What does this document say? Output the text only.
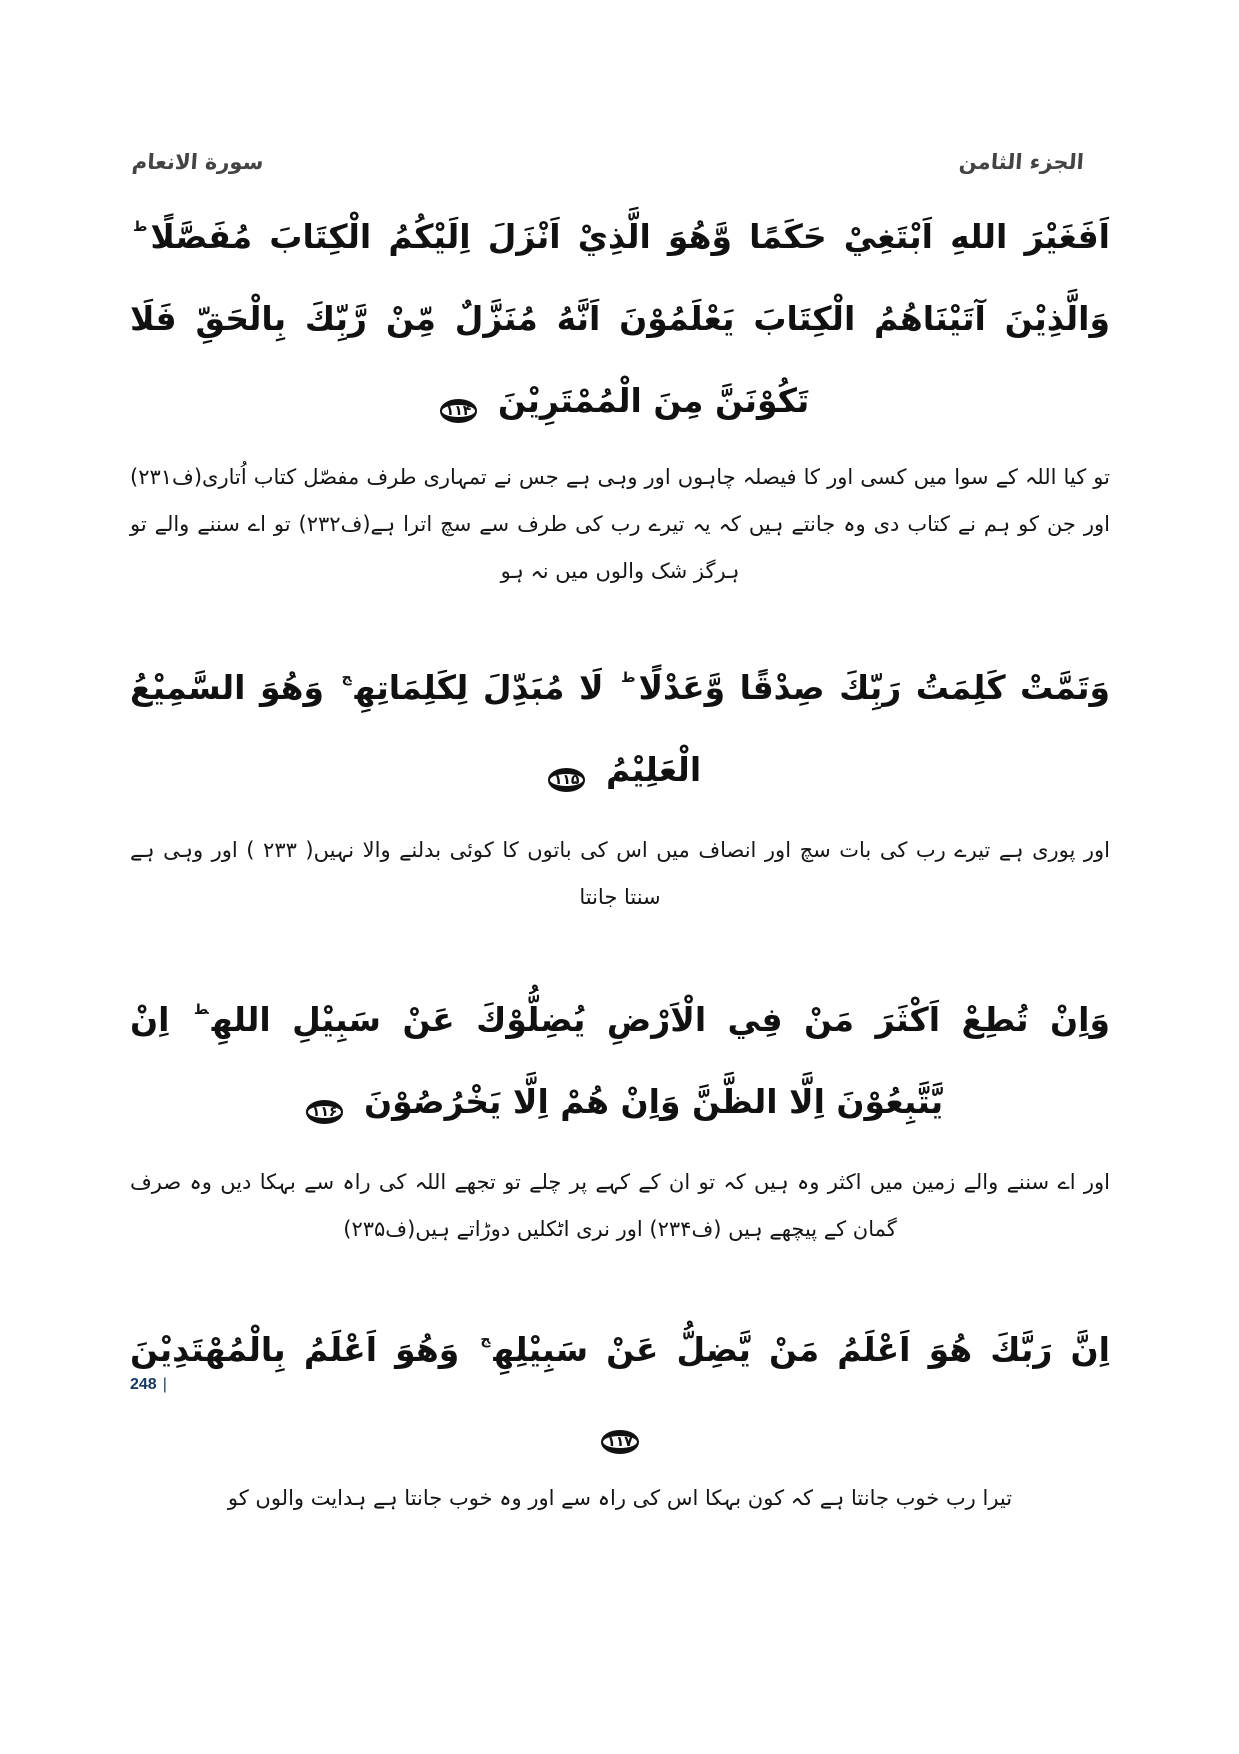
سورة الانعام	الجزء الثامن

اَفَغَيْرَ اللهِ اَبْتَغِيْ حَكَمًا وَّهُوَ الَّذِيْ اَنْزَلَ اِلَيْكُمُ الْكِتَابَ مُفَصَّلًا$^ط$ وَالَّذِيْنَ آتَيْنَاهُمُ الْكِتَابَ يَعْلَمُوْنَ اَنَّهُ مُنَزَّلٌ مِّنْ رَّبِّكَ بِالْحَقِّ فَلَا تَكُوْنَنَّ مِنَ الْمُمْتَرِيْنَ ۱۱۴

تو کیا اللہ کے سوا میں کسی اور کا فیصلہ چاہوں اور وہی ہے جس نے تمہاری طرف مفصّل کتاب اُتاری(ف۲۳۱) اور جن کو ہم نے کتاب دی وہ جانتے ہیں کہ یہ تیرے رب کی طرف سے سچ اترا ہے(ف۲۳۲) تو اے سننے والے تو ہرگز شک والوں میں نہ ہو

وَتَمَّتْ كَلِمَتُ رَبِّكَ صِدْقًا وَّعَدْلًا$^ط$ لَا مُبَدِّلَ لِكَلِمَاتِهِ$^ج$ وَهُوَ السَّمِيْعُ الْعَلِيْمُ ۱۱۵

اور پوری ہے تیرے رب کی بات سچ اور انصاف میں اس کی باتوں کا کوئی بدلنے والا نہیں( ۲۳۳ ) اور وہی ہے سنتا جانتا

وَاِنْ تُطِعْ اَكْثَرَ مَنْ فِي الْاَرْضِ يُضِلُّوْكَ عَنْ سَبِيْلِ اللهِ$^ط$ اِنْ يَّتَّبِعُوْنَ اِلَّا الظَّنَّ وَاِنْ هُمْ اِلَّا يَخْرُصُوْنَ ۱۱۶

اور اے سننے والے زمین میں اکثر وہ ہیں کہ تو ان کے کہے پر چلے تو تجھے اللہ کی راہ سے بہکا دیں وہ صرف گمان کے پیچھے ہیں (ف۲۳۴) اور نری اٹکلیں دوڑاتے ہیں(ف۲۳۵)

اِنَّ رَبَّكَ هُوَ اَعْلَمُ مَنْ يَّضِلُّ عَنْ سَبِيْلِهِ$^ج$ وَهُوَ اَعْلَمُ بِالْمُهْتَدِيْنَ ۱۱۷

تیرا رب خوب جانتا ہے کہ کون بہکا اس کی راہ سے اور وہ خوب جانتا ہے ہدایت والوں کو

248 |
